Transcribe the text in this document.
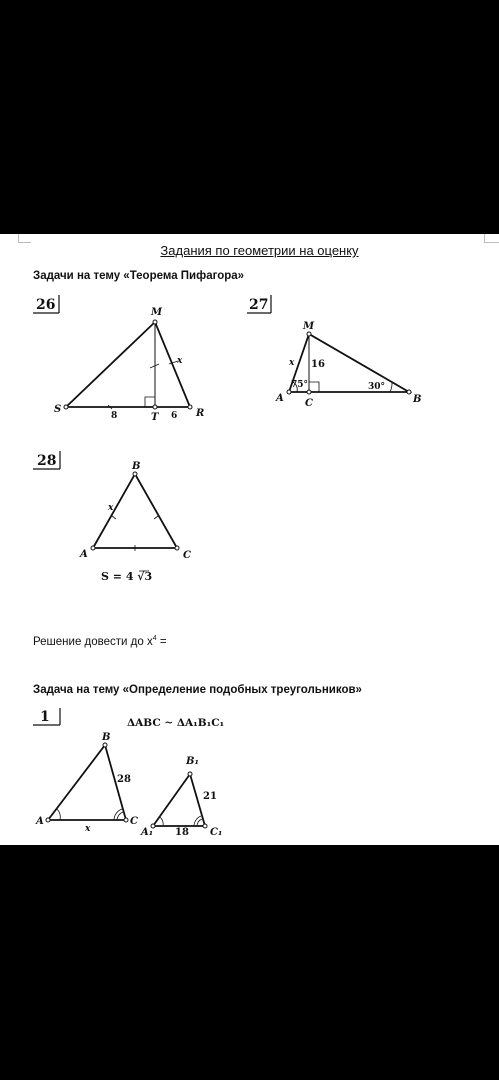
Задания по геометрии на оценку
Задачи на тему «Теорема Пифагора»
Решение довести до $x^4$ =
Задача на тему «Определение подобных треугольников»
26	M
S
T	R
x
8	6
27
M
A C	B
x 16
75°	30°
28	B
A	C
x
S = 4 √3
1	ΔABC ~ ΔA₁B₁C₁
B
A	C
x
28
B₁
A₁	C₁
21
18
